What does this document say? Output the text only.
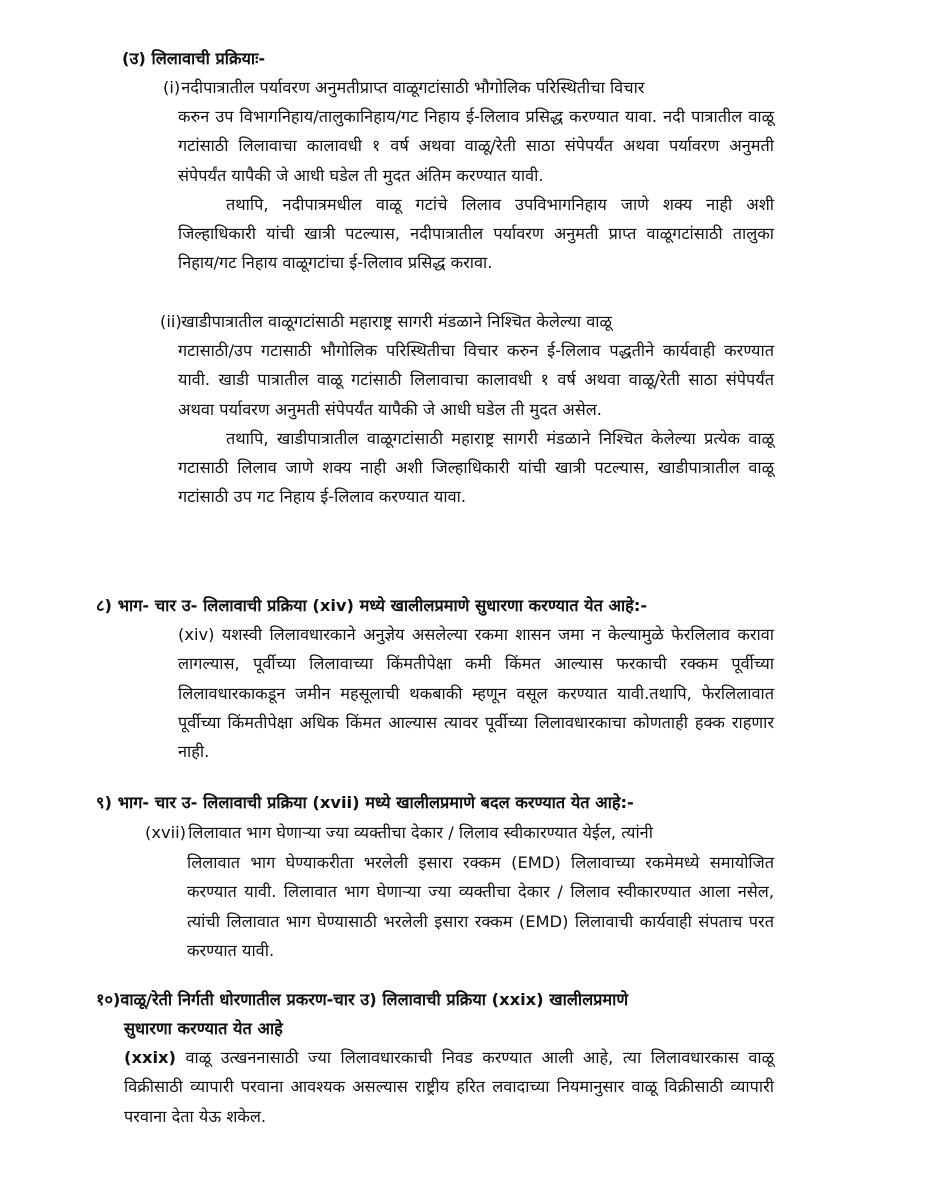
(उ) लिलावाची प्रक्रियाः-
(i) नदीपात्रातील पर्यावरण अनुमतीप्राप्त वाळूगटांसाठी भौगोलिक परिस्थितीचा विचार

करुन उप विभागनिहाय/तालुकानिहाय/गट निहाय ई-लिलाव प्रसिद्ध करण्यात यावा. नदी पात्रातील वाळू गटांसाठी लिलावाचा कालावधी १ वर्ष अथवा वाळू/रेती साठा संपेपर्यंत अथवा पर्यावरण अनुमती संपेपर्यंत यापैकी जे आधी घडेल ती मुदत अंतिम करण्यात यावी.

तथापि, नदीपात्रमधील वाळू गटांचे लिलाव उपविभागनिहाय जाणे शक्य नाही अशी जिल्हाधिकारी यांची खात्री पटल्यास, नदीपात्रातील पर्यावरण अनुमती प्राप्त वाळूगटांसाठी तालुका निहाय/गट निहाय वाळूगटांचा ई-लिलाव प्रसिद्ध करावा.

(ii) खाडीपात्रातील वाळूगटांसाठी महाराष्ट्र सागरी मंडळाने निश्चित केलेल्या वाळू

गटासाठी/उप गटासाठी भौगोलिक परिस्थितीचा विचार करुन ई-लिलाव पद्धतीने कार्यवाही करण्यात यावी. खाडी पात्रातील वाळू गटांसाठी लिलावाचा कालावधी १ वर्ष अथवा वाळू/रेती साठा संपेपर्यंत अथवा पर्यावरण अनुमती संपेपर्यंत यापैकी जे आधी घडेल ती मुदत असेल.

तथापि, खाडीपात्रातील वाळूगटांसाठी महाराष्ट्र सागरी मंडळाने निश्चित केलेल्या प्रत्येक वाळू गटासाठी लिलाव जाणे शक्य नाही अशी जिल्हाधिकारी यांची खात्री पटल्यास, खाडीपात्रातील वाळू गटांसाठी उप गट निहाय ई-लिलाव करण्यात यावा.

८) भाग- चार उ- लिलावाची प्रक्रिया (xiv) मध्ये खालीलप्रमाणे सुधारणा करण्यात येत आहे:-

(xiv) यशस्वी लिलावधारकाने अनुज्ञेय असलेल्या रकमा शासन जमा न केल्यामुळे फेरलिलाव करावा लागल्यास, पूर्वीच्या लिलावाच्या किंमतीपेक्षा कमी किंमत आल्यास फरकाची रक्कम पूर्वीच्या लिलावधारकाकडून जमीन महसूलाची थकबाकी म्हणून वसूल करण्यात यावी.तथापि, फेरलिलावात पूर्वीच्या किंमतीपेक्षा अधिक किंमत आल्यास त्यावर पूर्वीच्या लिलावधारकाचा कोणताही हक्क राहणार नाही.

९) भाग- चार उ- लिलावाची प्रक्रिया (xvii) मध्ये खालीलप्रमाणे बदल करण्यात येत आहे:-
(xvii) लिलावात भाग घेणाऱ्या ज्या व्यक्तीचा देकार / लिलाव स्वीकारण्यात येईल, त्यांनी

लिलावात भाग घेण्याकरीता भरलेली इसारा रक्कम (EMD) लिलावाच्या रकमेमध्ये समायोजित करण्यात यावी. लिलावात भाग घेणाऱ्या ज्या व्यक्तीचा देकार / लिलाव स्वीकारण्यात आला नसेल, त्यांची लिलावात भाग घेण्यासाठी भरलेली इसारा रक्कम (EMD) लिलावाची कार्यवाही संपताच परत करण्यात यावी.

१०)वाळू/रेती निर्गती धोरणातील प्रकरण-चार उ) लिलावाची प्रक्रिया (xxix) खालीलप्रमाणे
सुधारणा करण्यात येत आहे

(xxix) वाळू उत्खननासाठी ज्या लिलावधारकाची निवड करण्यात आली आहे, त्या लिलावधारकास वाळू विक्रीसाठी व्यापारी परवाना आवश्यक असल्यास राष्ट्रीय हरित लवादाच्या नियमानुसार वाळू विक्रीसाठी व्यापारी परवाना देता येऊ शकेल.
